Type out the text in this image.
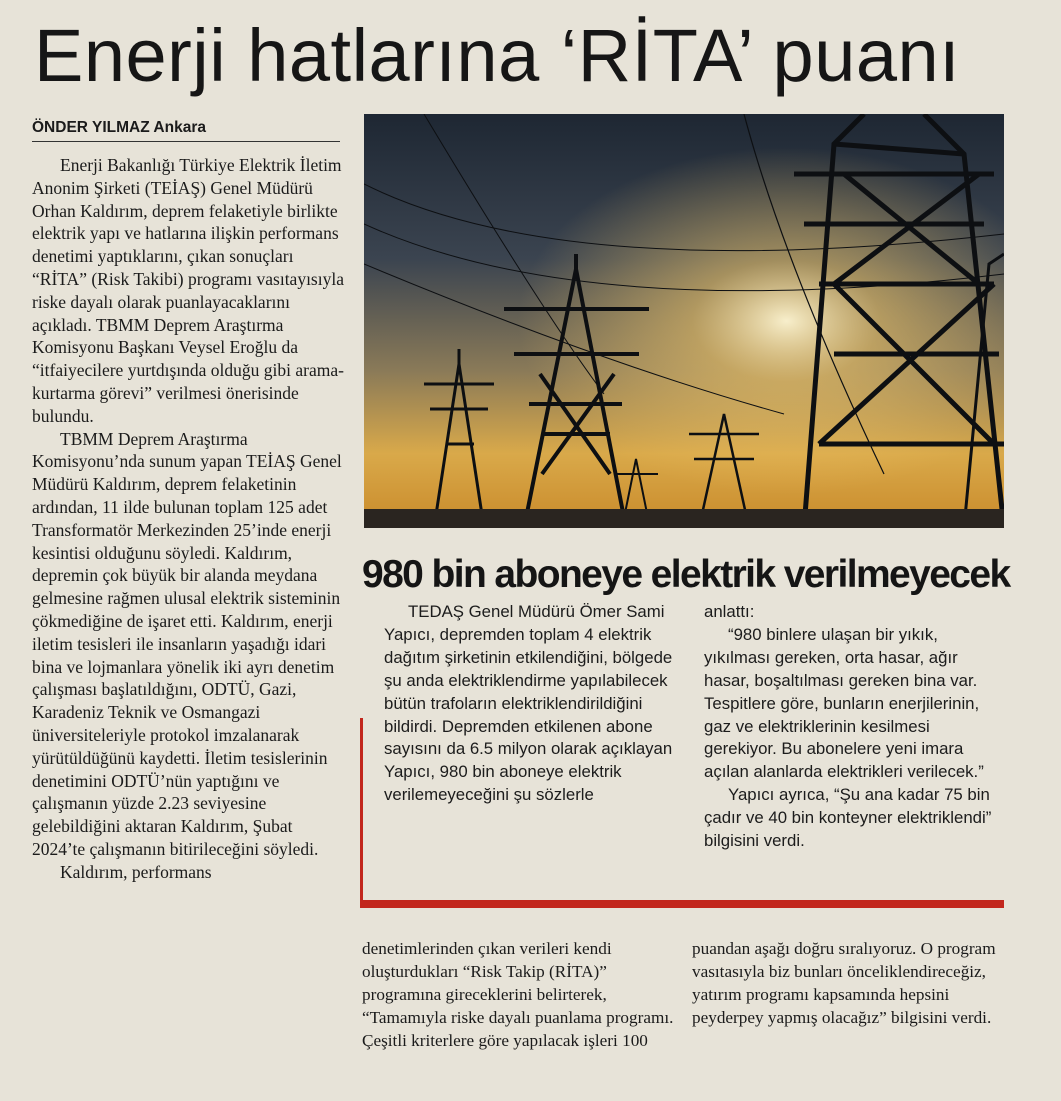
Enerji hatlarına ‘RİTA’ puanı
ÖNDER YILMAZ Ankara

Enerji Bakanlığı Türkiye Elektrik İletim Anonim Şirketi (TEİAŞ) Genel Müdürü Orhan Kaldırım, deprem felaketiyle birlikte elektrik yapı ve hatlarına ilişkin performans denetimi yaptıklarını, çıkan sonuçları “RİTA” (Risk Takibi) programı vasıtayısıyla riske dayalı olarak puanlayacaklarını açıkladı. TBMM Deprem Araştırma Komisyonu Başkanı Veysel Eroğlu da “itfaiyecilere yurtdışında olduğu gibi arama-kurtarma görevi” verilmesi önerisinde bulundu.

TBMM Deprem Araştırma Komisyonu’nda sunum yapan TEİAŞ Genel Müdürü Kaldırım, deprem felaketinin ardından, 11 ilde bulunan toplam 125 adet Transformatör Merkezinden 25’inde enerji kesintisi olduğunu söyledi. Kaldırım, depremin çok büyük bir alanda meydana gelmesine rağmen ulusal elektrik sisteminin çökmediğine de işaret etti. Kaldırım, enerji iletim tesisleri ile insanların yaşadığı idari bina ve lojmanlara yönelik iki ayrı denetim çalışması başlatıldığını, ODTÜ, Gazi, Karadeniz Teknik ve Osmangazi üniversiteleriyle protokol imzalanarak yürütüldüğünü kaydetti. İletim tesislerinin denetimini ODTÜ’nün yaptığını ve çalışmanın yüzde 2.23 seviyesine gelebildiğini aktaran Kaldırım, Şubat 2024’te çalışmanın bitirileceğini söyledi.

Kaldırım, performans

980 bin aboneye elektrik verilmeyecek

TEDAŞ Genel Müdürü Ömer Sami Yapıcı, depremden toplam 4 elektrik dağıtım şirketinin etkilendiğini, bölgede şu anda elektriklendirme yapılabilecek bütün trafoların elektriklendirildiğini bildirdi. Depremden etkilenen abone sayısını da 6.5 milyon olarak açıklayan Yapıcı, 980 bin aboneye elektrik verilemeyeceğini şu sözlerle

anlattı:

“980 binlere ulaşan bir yıkık, yıkılması gereken, orta hasar, ağır hasar, boşaltılması gereken bina var. Tespitlere göre, bunların enerjilerinin, gaz ve elektriklerinin kesilmesi gerekiyor. Bu abonelere yeni imara açılan alanlarda elektrikleri verilecek.”

Yapıcı ayrıca, “Şu ana kadar 75 bin çadır ve 40 bin konteyner elektriklendi” bilgisini verdi.

denetimlerinden çıkan verileri kendi oluşturdukları “Risk Takip (RİTA)” programına gireceklerini belirterek, “Tamamıyla riske dayalı puanlama programı. Çeşitli kriterlere göre yapılacak işleri 100

puandan aşağı doğru sıralıyoruz. O program vasıtasıyla biz bunları önceliklendireceğiz, yatırım programı kapsamında hepsini peyderpey yapmış olacağız” bilgisini verdi.
